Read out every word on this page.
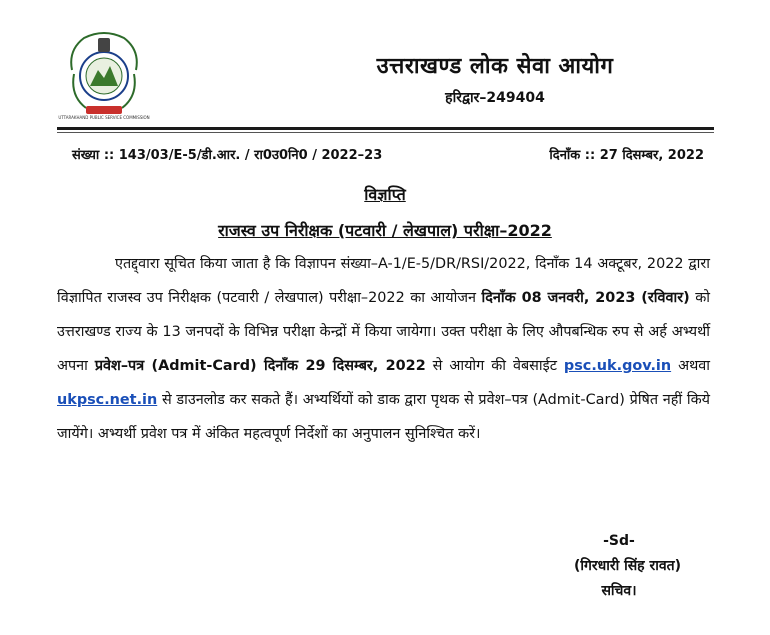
UTTARAKHAND PUBLIC SERVICE COMMISSION
उत्तराखण्ड लोक सेवा आयोग
हरिद्वार–249404
संख्या :: 143/03/E-5/डी.आर. / रा0उ0नि0 / 2022–23	दिनाँक :: 27 दिसम्बर, 2022
विज्ञप्ति
राजस्व उप निरीक्षक (पटवारी / लेखपाल) परीक्षा–2022
एतद्द्वारा सूचित किया जाता है कि विज्ञापन संख्या–A-1/E-5/DR/RSI/2022, दिनाँक 14 अक्टूबर, 2022 द्वारा विज्ञापित राजस्व उप निरीक्षक (पटवारी / लेखपाल) परीक्षा–2022 का आयोजन दिनाँक 08 जनवरी, 2023 (रविवार) को उत्तराखण्ड राज्य के 13 जनपदों के विभिन्न परीक्षा केन्द्रों में किया जायेगा। उक्त परीक्षा के लिए औपबन्धिक रुप से अर्ह अभ्यर्थी अपना प्रवेश–पत्र (Admit-Card) दिनाँक 29 दिसम्बर, 2022 से आयोग की वेबसाईट psc.uk.gov.in अथवा ukpsc.net.in से डाउनलोड कर सकते हैं। अभ्यर्थियों को डाक द्वारा पृथक से प्रवेश–पत्र (Admit-Card) प्रेषित नहीं किये जायेंगे। अभ्यर्थी प्रवेश पत्र में अंकित महत्वपूर्ण निर्देशों का अनुपालन सुनिश्चित करें।
-Sd-
(गिरधारी सिंह रावत)
सचिव।
